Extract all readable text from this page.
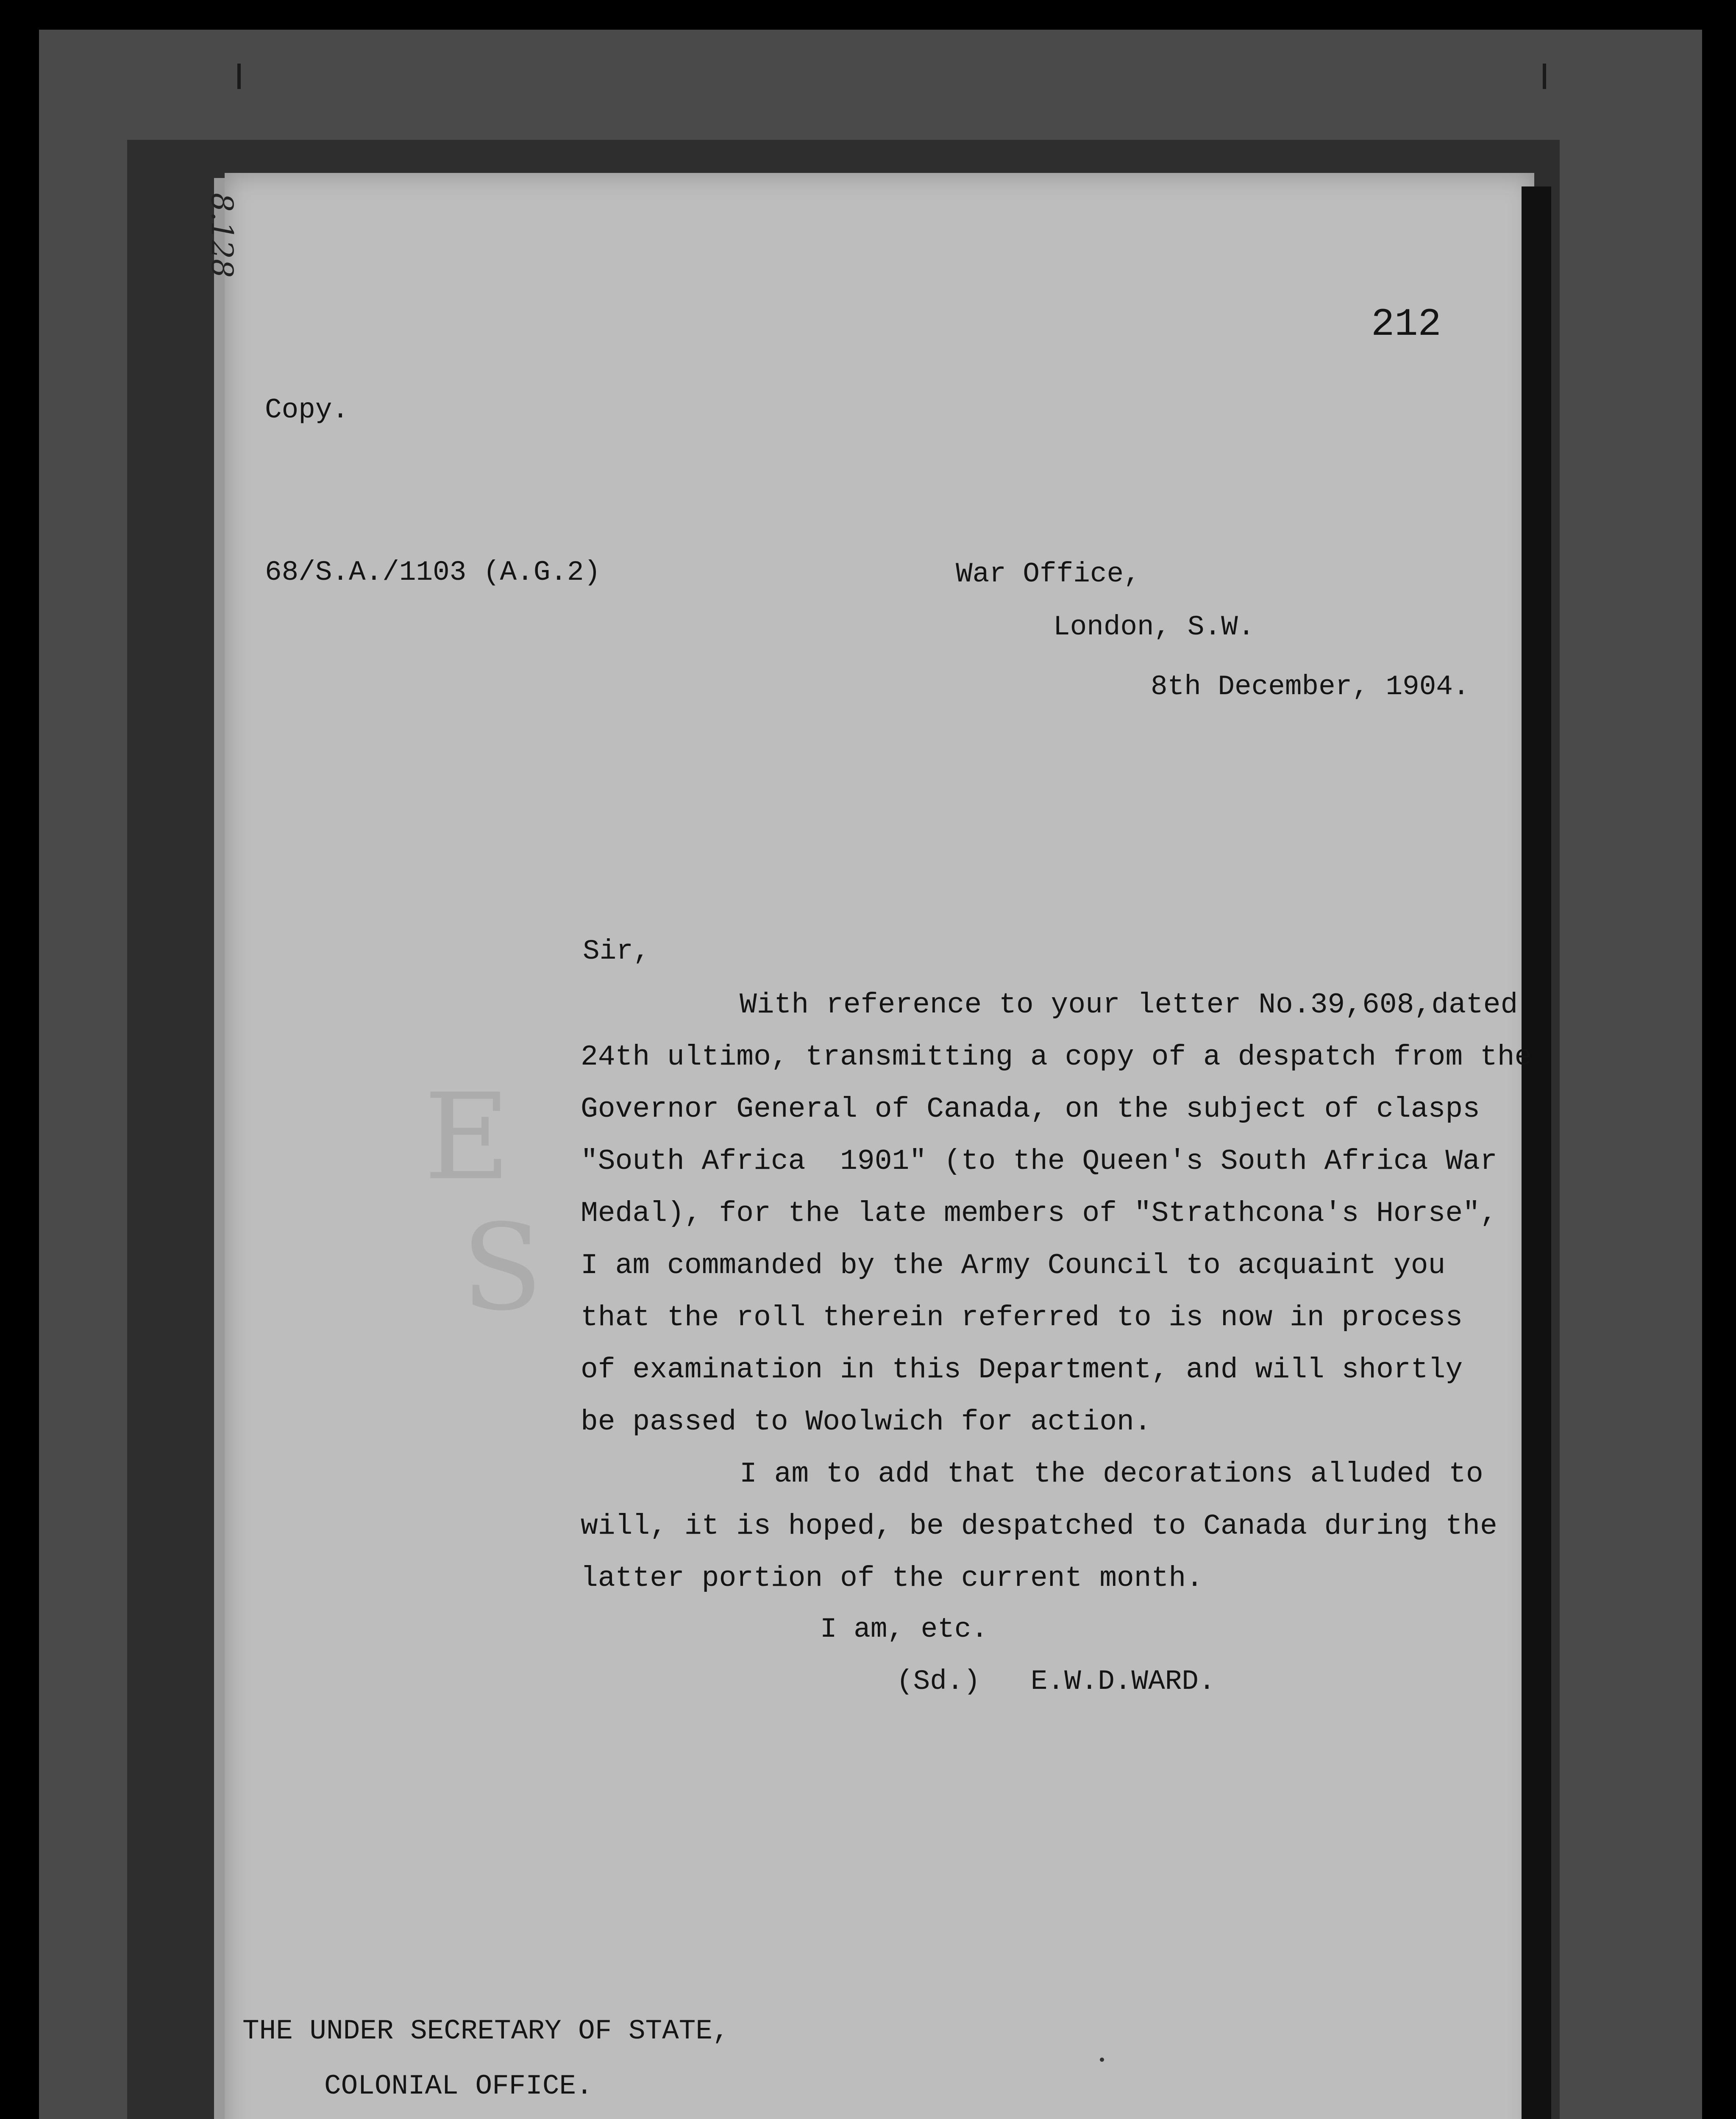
E
S
8.128
212
Copy.
68/S.A./1103 (A.G.2)	War Office,
London, S.W.
8th December, 1904.
Sir,
With reference to your letter No.39,608,dated
24th ultimo, transmitting a copy of a despatch from the
Governor General of Canada, on the subject of clasps
"South Africa  1901" (to the Queen's South Africa War
Medal), for the late members of "Strathcona's Horse",
I am commanded by the Army Council to acquaint you
that the roll therein referred to is now in process
of examination in this Department, and will shortly
be passed to Woolwich for action.
I am to add that the decorations alluded to
will, it is hoped, be despatched to Canada during the
latter portion of the current month.
I am, etc.
(Sd.)   E.W.D.WARD.
THE UNDER SECRETARY OF STATE,
COLONIAL OFFICE.
